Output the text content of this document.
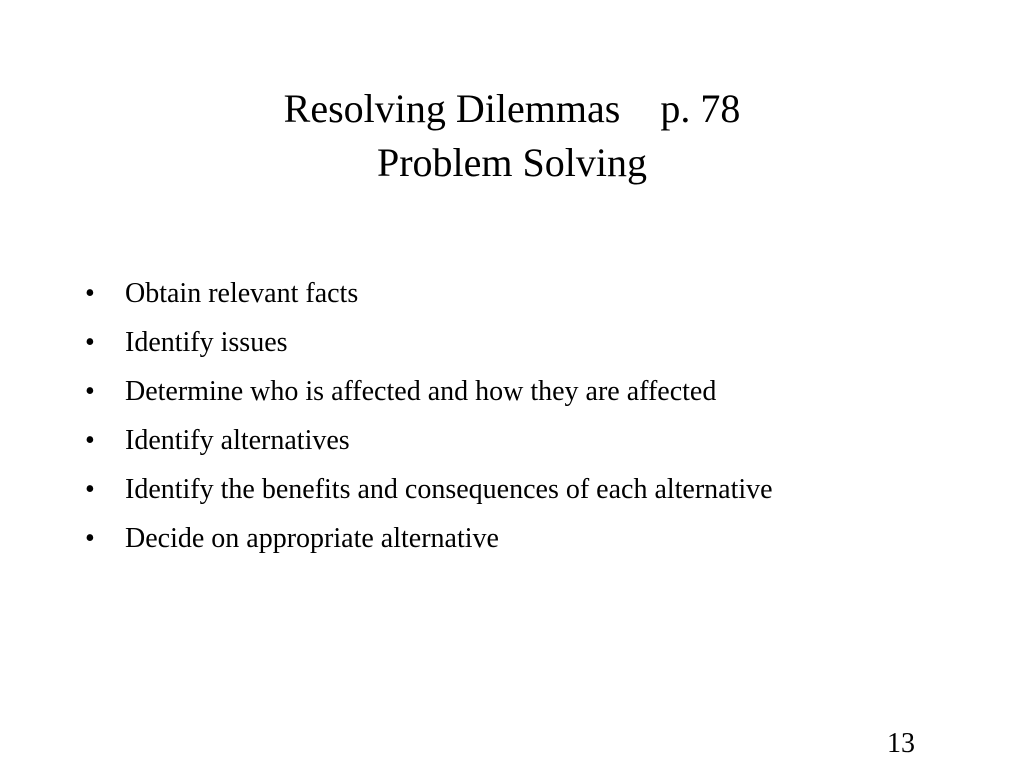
Resolving Dilemmas    p. 78
Problem Solving
•	Obtain relevant facts
•	Identify issues
•	Determine who is affected and how they are affected
•	Identify alternatives
•	Identify the benefits and consequences of each alternative
•	Decide on appropriate alternative
13
